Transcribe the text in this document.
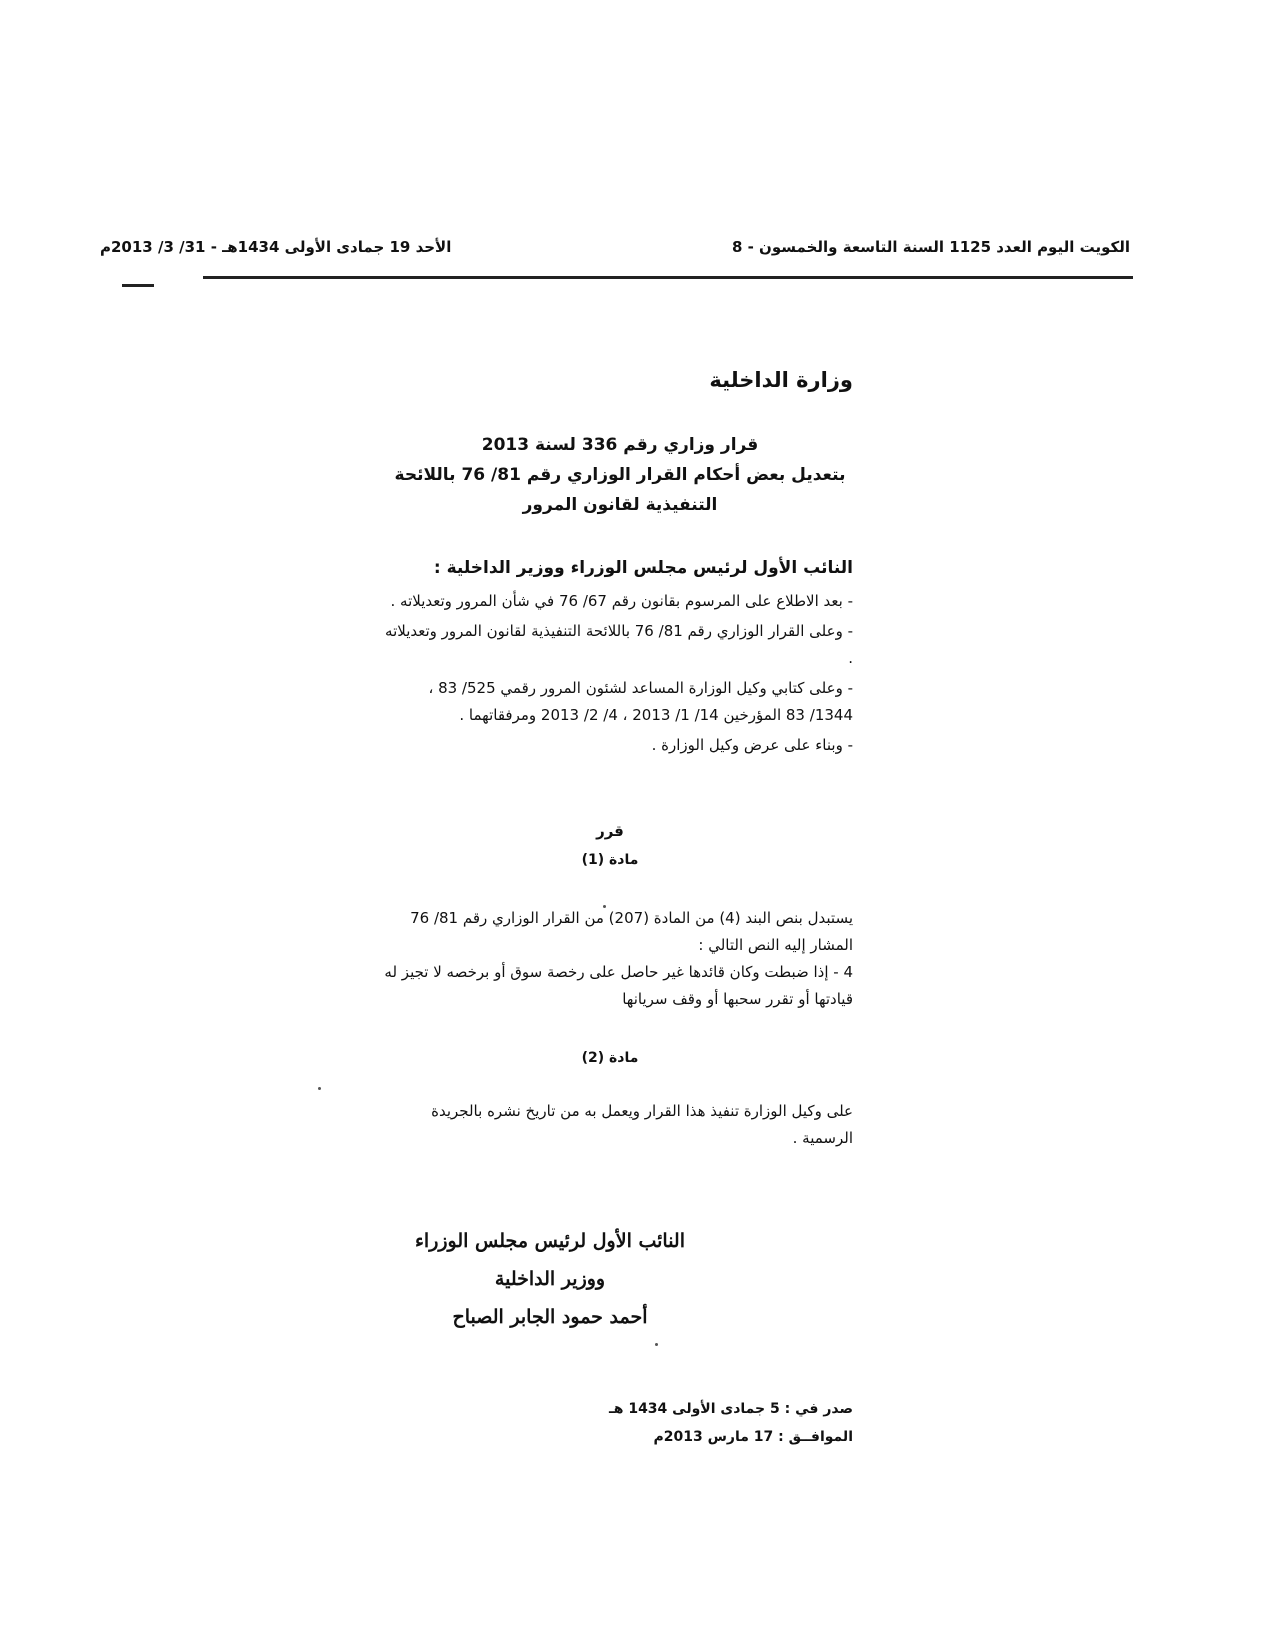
الكويت اليوم العدد 1125 السنة التاسعة والخمسون - 8
الأحد 19 جمادى الأولى 1434هـ - 31/ 3/ 2013م
وزارة الداخلية
قرار وزاري رقم 336 لسنة 2013
بتعديل بعض أحكام القرار الوزاري رقم 81/ 76 باللائحة
التنفيذية لقانون المرور
النائب الأول لرئيس مجلس الوزراء ووزير الداخلية :

- بعد الاطلاع على المرسوم بقانون رقم 67/ 76 في شأن المرور وتعديلاته .

- وعلى القرار الوزاري رقم 81/ 76 باللائحة التنفيذية لقانون المرور وتعديلاته .

- وعلى كتابي وكيل الوزارة المساعد لشئون المرور رقمي 525/ 83 ، 1344/ 83 المؤرخين 14/ 1/ 2013 ، 4/ 2/ 2013 ومرفقاتهما .

- وبناء على عرض وكيل الوزارة .

قرر
مادة (1)
يستبدل بنص البند (4) من المادة (207) من القرار الوزاري رقم 81/ 76 المشار إليه النص التالي :
4 - إذا ضبطت وكان قائدها غير حاصل على رخصة سوق أو برخصه لا تجيز له قيادتها أو تقرر سحبها أو وقف سريانها
مادة (2)
على وكيل الوزارة تنفيذ هذا القرار ويعمل به من تاريخ نشره بالجريدة الرسمية .
النائب الأول لرئيس مجلس الوزراء
ووزير الداخلية
أحمد حمود الجابر الصباح
صدر في : 5 جمادى الأولى 1434 هـ
الموافــق : 17 مارس 2013م
